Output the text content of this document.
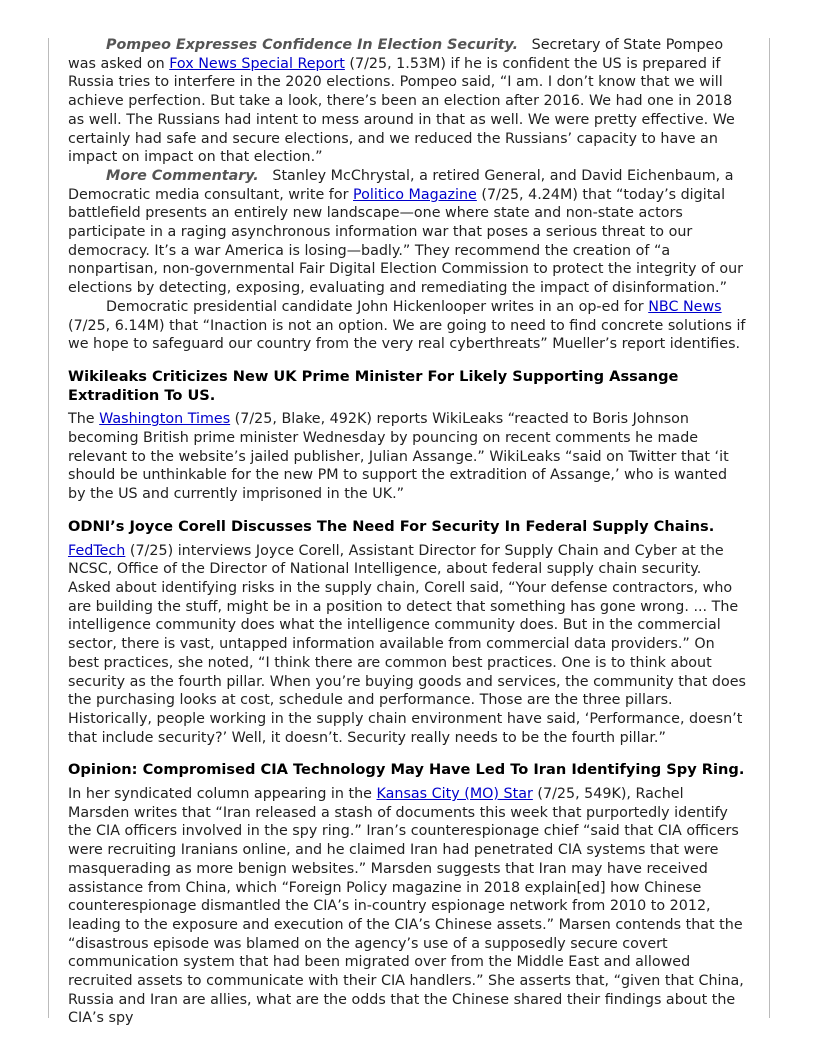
Pompeo Expresses Confidence In Election Security. Secretary of State Pompeo was asked on Fox News Special Report (7/25, 1.53M) if he is confident the US is prepared if Russia tries to interfere in the 2020 elections. Pompeo said, “I am. I don’t know that we will achieve perfection. But take a look, there’s been an election after 2016. We had one in 2018 as well. The Russians had intent to mess around in that as well. We were pretty effective. We certainly had safe and secure elections, and we reduced the Russians’ capacity to have an impact on impact on that election.”

More Commentary. Stanley McChrystal, a retired General, and David Eichenbaum, a Democratic media consultant, write for Politico Magazine (7/25, 4.24M) that “today’s digital battlefield presents an entirely new landscape—one where state and non-state actors participate in a raging asynchronous information war that poses a serious threat to our democracy. It’s a war America is losing—badly.” They recommend the creation of “a nonpartisan, non-governmental Fair Digital Election Commission to protect the integrity of our elections by detecting, exposing, evaluating and remediating the impact of disinformation.”

Democratic presidential candidate John Hickenlooper writes in an op-ed for NBC News (7/25, 6.14M) that “Inaction is not an option. We are going to need to find concrete solutions if we hope to safeguard our country from the very real cyberthreats” Mueller’s report identifies.

Wikileaks Criticizes New UK Prime Minister For Likely Supporting Assange Extradition To US.

The Washington Times (7/25, Blake, 492K) reports WikiLeaks “reacted to Boris Johnson becoming British prime minister Wednesday by pouncing on recent comments he made relevant to the website’s jailed publisher, Julian Assange.” WikiLeaks “said on Twitter that ‘it should be unthinkable for the new PM to support the extradition of Assange,’ who is wanted by the US and currently imprisoned in the UK.”

ODNI’s Joyce Corell Discusses The Need For Security In Federal Supply Chains.

FedTech (7/25) interviews Joyce Corell, Assistant Director for Supply Chain and Cyber at the NCSC, Office of the Director of National Intelligence, about federal supply chain security. Asked about identifying risks in the supply chain, Corell said, “Your defense contractors, who are building the stuff, might be in a position to detect that something has gone wrong. ... The intelligence community does what the intelligence community does. But in the commercial sector, there is vast, untapped information available from commercial data providers.” On best practices, she noted, “I think there are common best practices. One is to think about security as the fourth pillar. When you’re buying goods and services, the community that does the purchasing looks at cost, schedule and performance. Those are the three pillars. Historically, people working in the supply chain environment have said, ‘Performance, doesn’t that include security?’ Well, it doesn’t. Security really needs to be the fourth pillar.”

Opinion: Compromised CIA Technology May Have Led To Iran Identifying Spy Ring.

In her syndicated column appearing in the Kansas City (MO) Star (7/25, 549K), Rachel Marsden writes that “Iran released a stash of documents this week that purportedly identify the CIA officers involved in the spy ring.” Iran’s counterespionage chief “said that CIA officers were recruiting Iranians online, and he claimed Iran had penetrated CIA systems that were masquerading as more benign websites.” Marsden suggests that Iran may have received assistance from China, which “Foreign Policy magazine in 2018 explain[ed] how Chinese counterespionage dismantled the CIA’s in-country espionage network from 2010 to 2012, leading to the exposure and execution of the CIA’s Chinese assets.” Marsen contends that the “disastrous episode was blamed on the agency’s use of a supposedly secure covert communication system that had been migrated over from the Middle East and allowed recruited assets to communicate with their CIA handlers.” She asserts that, “given that China, Russia and Iran are allies, what are the odds that the Chinese shared their findings about the CIA’s spy
